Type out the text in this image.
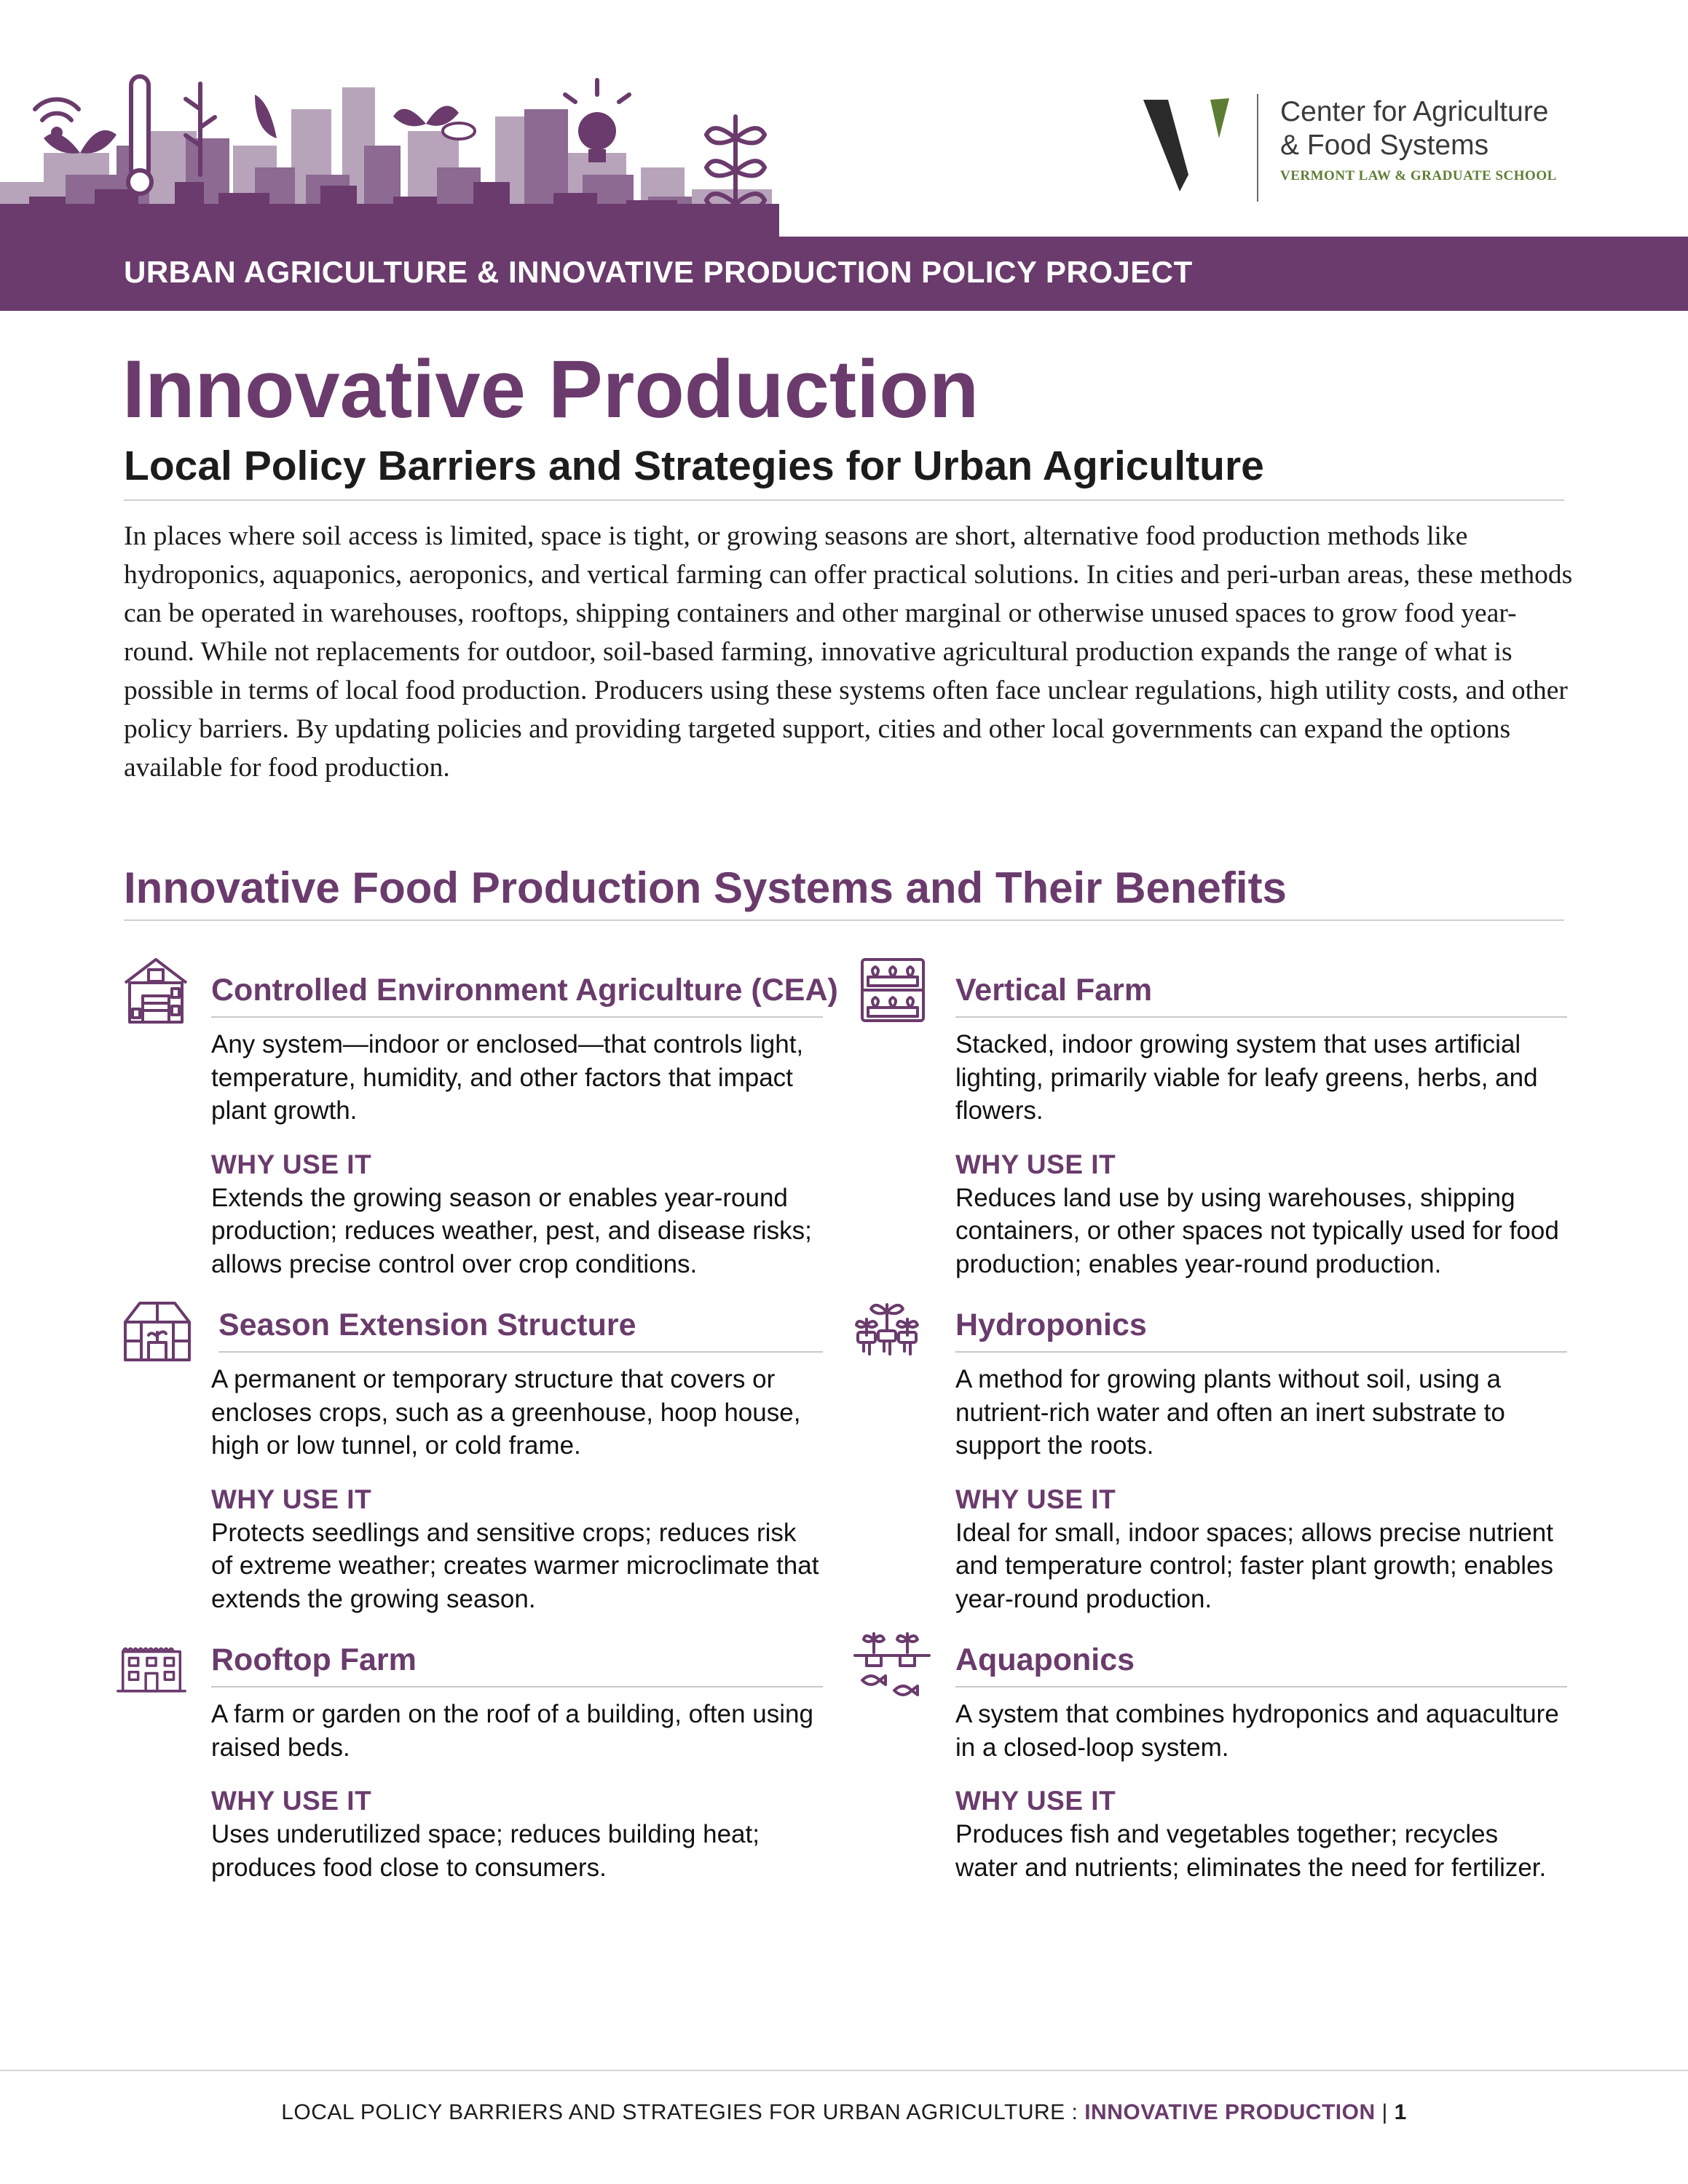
Center for Agriculture
& Food Systems
VERMONT LAW & GRADUATE SCHOOL
URBAN AGRICULTURE & INNOVATIVE PRODUCTION POLICY PROJECT
Innovative Production
Local Policy Barriers and Strategies for Urban Agriculture

In places where soil access is limited, space is tight, or growing seasons are short, alternative food production methods like hydroponics, aquaponics, aeroponics, and vertical farming can offer practical solutions. In cities and peri-urban areas, these methods can be operated in warehouses, rooftops, shipping containers and other marginal or otherwise unused spaces to grow food year-round. While not replacements for outdoor, soil-based farming, innovative agricultural production expands the range of what is possible in terms of local food production. Producers using these systems often face unclear regulations, high utility costs, and other policy barriers. By updating policies and providing targeted support, cities and other local governments can expand the options available for food production.

Innovative Food Production Systems and Their Benefits
Controlled Environment Agriculture (CEA)
Any system—indoor or enclosed—that controls light, temperature, humidity, and other factors that impact plant growth.
WHY USE IT
Extends the growing season or enables year-round production; reduces weather, pest, and disease risks; allows precise control over crop conditions.
Vertical Farm
Stacked, indoor growing system that uses artificial lighting, primarily viable for leafy greens, herbs, and flowers.
WHY USE IT
Reduces land use by using warehouses, shipping containers, or other spaces not typically used for food production; enables year-round production.
Season Extension Structure
A permanent or temporary structure that covers or encloses crops, such as a greenhouse, hoop house, high or low tunnel, or cold frame.
WHY USE IT
Protects seedlings and sensitive crops; reduces risk of extreme weather; creates warmer microclimate that extends the growing season.
Hydroponics
A method for growing plants without soil, using a nutrient-rich water and often an inert substrate to support the roots.
WHY USE IT
Ideal for small, indoor spaces; allows precise nutrient and temperature control; faster plant growth; enables year-round production.
Rooftop Farm
A farm or garden on the roof of a building, often using raised beds.
WHY USE IT
Uses underutilized space; reduces building heat; produces food close to consumers.
Aquaponics
A system that combines hydroponics and aquaculture in a closed-loop system.
WHY USE IT
Produces fish and vegetables together; recycles water and nutrients; eliminates the need for fertilizer.
LOCAL POLICY BARRIERS AND STRATEGIES FOR URBAN AGRICULTURE : INNOVATIVE PRODUCTION | 1
